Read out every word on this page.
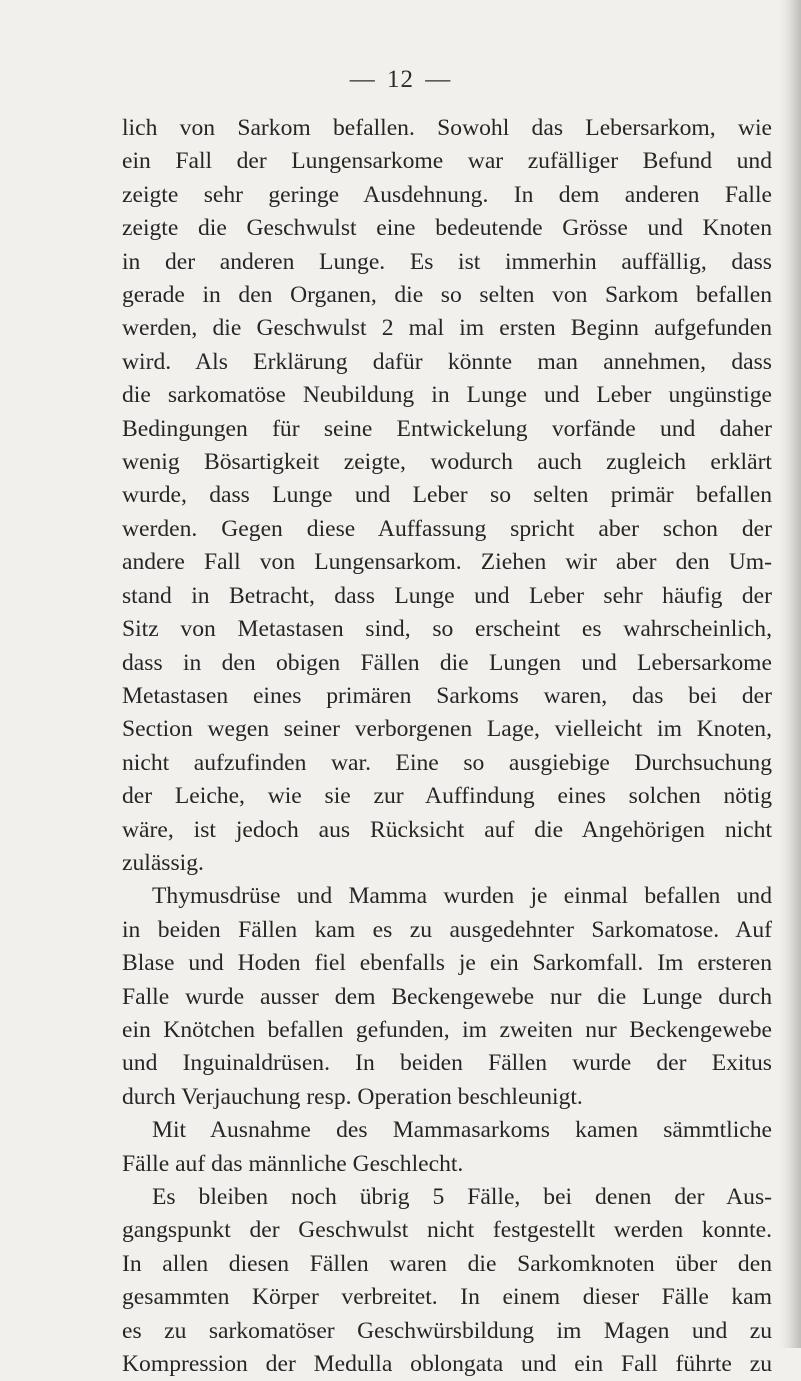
— 12 —
lich von Sarkom befallen. Sowohl das Lebersarkom, wie
ein Fall der Lungensarkome war zufälliger Befund und
zeigte sehr geringe Ausdehnung. In dem anderen Falle
zeigte die Geschwulst eine bedeutende Grösse und Knoten
in der anderen Lunge. Es ist immerhin auffällig, dass
gerade in den Organen, die so selten von Sarkom befallen
werden, die Geschwulst 2 mal im ersten Beginn aufgefunden
wird. Als Erklärung dafür könnte man annehmen, dass
die sarkomatöse Neubildung in Lunge und Leber ungünstige
Bedingungen für seine Entwickelung vorfände und daher
wenig Bösartigkeit zeigte, wodurch auch zugleich erklärt
wurde, dass Lunge und Leber so selten primär befallen
werden. Gegen diese Auffassung spricht aber schon der
andere Fall von Lungensarkom. Ziehen wir aber den Um-
stand in Betracht, dass Lunge und Leber sehr häufig der
Sitz von Metastasen sind, so erscheint es wahrscheinlich,
dass in den obigen Fällen die Lungen und Lebersarkome
Metastasen eines primären Sarkoms waren, das bei der
Section wegen seiner verborgenen Lage, vielleicht im Knoten,
nicht aufzufinden war. Eine so ausgiebige Durchsuchung
der Leiche, wie sie zur Auffindung eines solchen nötig
wäre, ist jedoch aus Rücksicht auf die Angehörigen nicht
zulässig.
Thymusdrüse und Mamma wurden je einmal befallen und
in beiden Fällen kam es zu ausgedehnter Sarkomatose. Auf
Blase und Hoden fiel ebenfalls je ein Sarkomfall. Im ersteren
Falle wurde ausser dem Beckengewebe nur die Lunge durch
ein Knötchen befallen gefunden, im zweiten nur Beckengewebe
und Inguinaldrüsen. In beiden Fällen wurde der Exitus
durch Verjauchung resp. Operation beschleunigt.
Mit Ausnahme des Mammasarkoms kamen sämmtliche
Fälle auf das männliche Geschlecht.
Es bleiben noch übrig 5 Fälle, bei denen der Aus-
gangspunkt der Geschwulst nicht festgestellt werden konnte.
In allen diesen Fällen waren die Sarkomknoten über den
gesammten Körper verbreitet. In einem dieser Fälle kam
es zu sarkomatöser Geschwürsbildung im Magen und zu
Kompression der Medulla oblongata und ein Fall führte zu
